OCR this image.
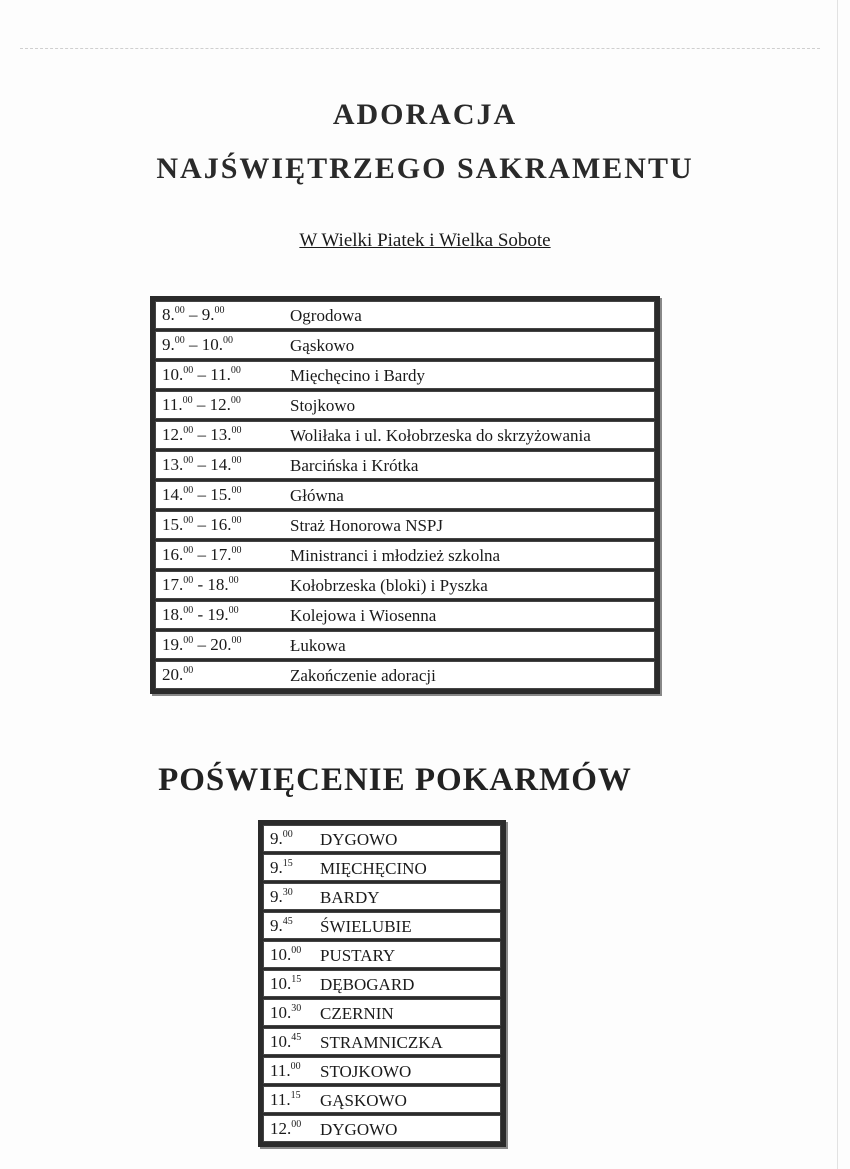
ADORACJA
NAJŚWIĘTRZEGO SAKRAMENTU
W Wielki Piatek i Wielka Sobote
8.00 – 9.00	Ogrodowa
9.00 – 10.00	Gąskowo
10.00 – 11.00	Mięchęcino i Bardy
11.00 – 12.00	Stojkowo
12.00 – 13.00	Woliłaka i ul. Kołobrzeska do skrzyżowania
13.00 – 14.00	Barcińska i Krótka
14.00 – 15.00	Główna
15.00 – 16.00	Straż Honorowa NSPJ
16.00 – 17.00	Ministranci i młodzież szkolna
17.00 - 18.00	Kołobrzeska (bloki) i Pyszka
18.00 - 19.00	Kolejowa i Wiosenna
19.00 – 20.00	Łukowa
20.00	Zakończenie adoracji
POŚWIĘCENIE POKARMÓW
9.00 DYGOWO
9.15 MIĘCHĘCINO
9.30 BARDY
9.45 ŚWIELUBIE
10.00 PUSTARY
10.15 DĘBOGARD
10.30 CZERNIN
10.45 STRAMNICZKA
11.00 STOJKOWO
11.15 GĄSKOWO
12.00 DYGOWO
